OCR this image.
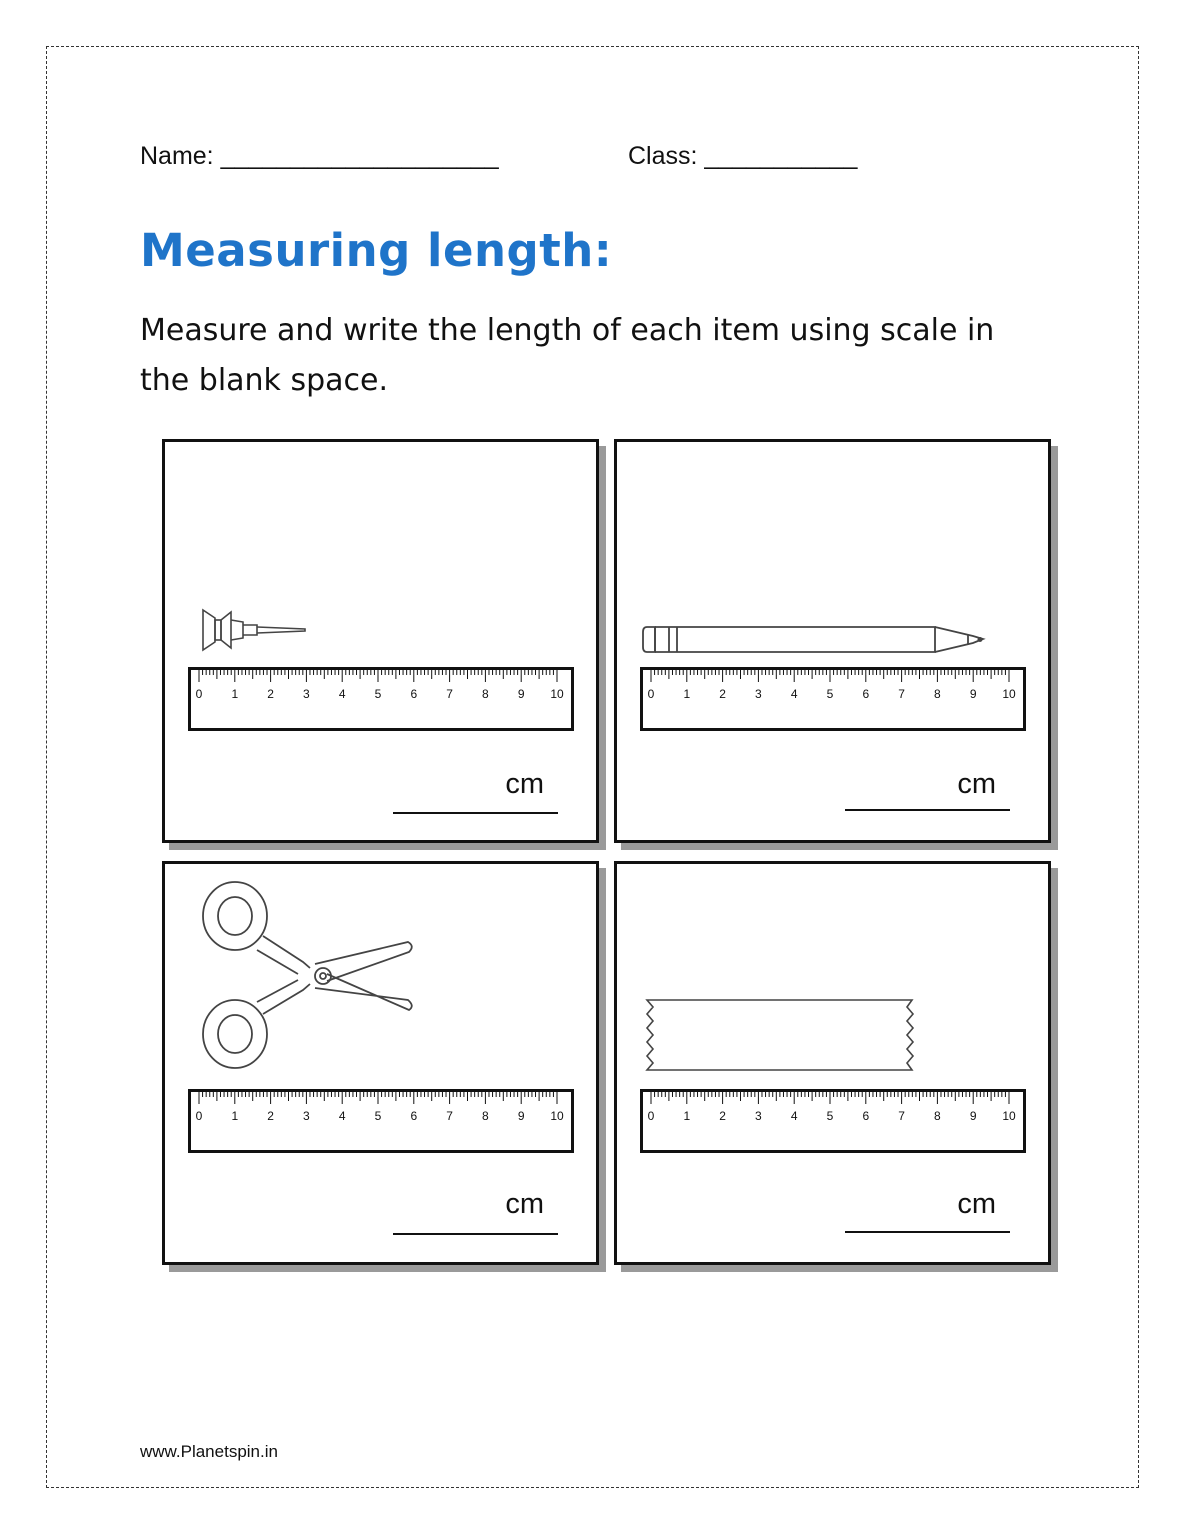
Name: ____________________	Class: ___________
Measuring length:
Measure and write the length of each item using scale in the blank space.
0 1 2 3 4 5 6 7 8 9 10
cm
0 1 2 3 4 5 6 7 8 9 10
cm
0 1 2 3 4 5 6 7 8 9 10
cm
0 1 2 3 4 5 6 7 8 9 10
cm
www.Planetspin.in
